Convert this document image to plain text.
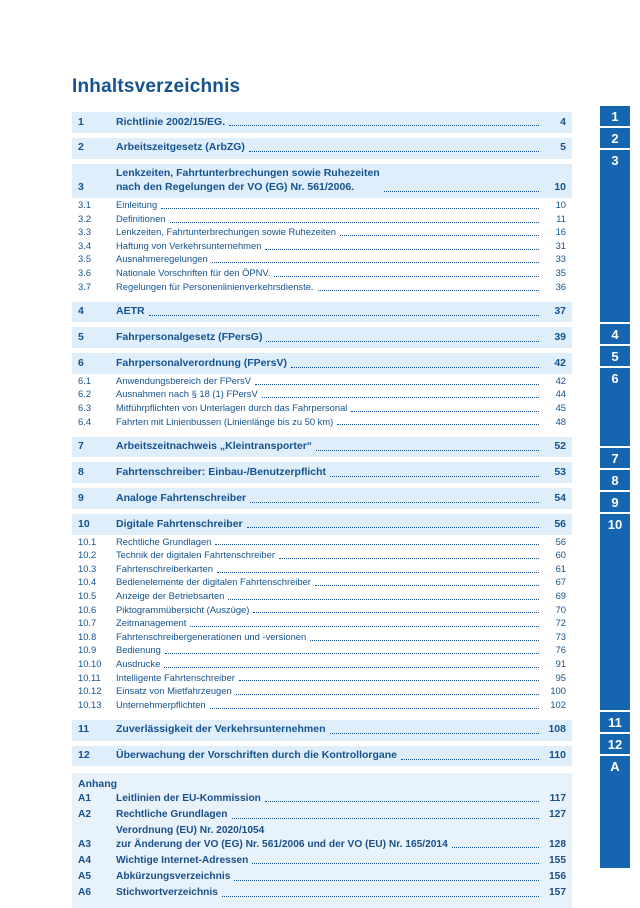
Inhaltsverzeichnis
1	Richtlinie 2002/15/EG.	4
2	Arbeitszeitgesetz (ArbZG)	5
3
Lenkzeiten, Fahrtunterbrechungen sowie Ruhezeiten
nach den Regelungen der VO (EG) Nr. 561/2006.	10
3.1	Einleitung	10
3.2	Definitionen	11
3.3	Lenkzeiten, Fahrtunterbrechungen sowie Ruhezeiten	16
3.4	Haftung von Verkehrsunternehmen	31
3.5	Ausnahmeregelungen	33
3.6	Nationale Vorschriften für den ÖPNV.	35
3.7	Regelungen für Personenlinienverkehrsdienste.	36
4	AETR	37
5	Fahrpersonalgesetz (FPersG)	39
6	Fahrpersonalverordnung (FPersV)	42
6.1	Anwendungsbereich der FPersV	42
6.2	Ausnahmen nach § 18 (1) FPersV	44
6.3	Mitführpflichten von Unterlagen durch das Fahrpersonal	45
6.4	Fahrten mit Linienbussen (Linienlänge bis zu 50 km)	48
7	Arbeitszeitnachweis „Kleintransporter“	52
8	Fahrtenschreiber: Einbau-/Benutzerpflicht	53
9	Analoge Fahrtenschreiber	54
10	Digitale Fahrtenschreiber	56
10.1	Rechtliche Grundlagen	56
10.2	Technik der digitalen Fahrtenschreiber	60
10.3	Fahrtenschreiberkarten	61
10.4	Bedienelemente der digitalen Fahrtenschreiber	67
10.5	Anzeige der Betriebsarten	69
10.6	Piktogrammübersicht (Auszüge)	70
10.7	Zeitmanagement	72
10.8	Fahrtenschreibergenerationen und -versionen	73
10.9	Bedienung	76
10.10	Ausdrucke	91
10.11	Intelligente Fahrtenschreiber	95
10.12	Einsatz von Mietfahrzeugen	100
10.13	Unternehmerpflichten	102
11	Zuverlässigkeit der Verkehrsunternehmen	108
12	Überwachung der Vorschriften durch die Kontrollorgane	110
Anhang
A1	Leitlinien der EU-Kommission	117
A2	Rechtliche Grundlagen	127
A3
Verordnung (EU) Nr. 2020/1054
zur Änderung der VO (EG) Nr. 561/2006 und der VO (EU) Nr. 165/2014	128
A4	Wichtige Internet-Adressen	155
A5	Abkürzungsverzeichnis	156
A6	Stichwortverzeichnis	157
1
2
3
4
5
6
7
8
9
10
11
12
A
